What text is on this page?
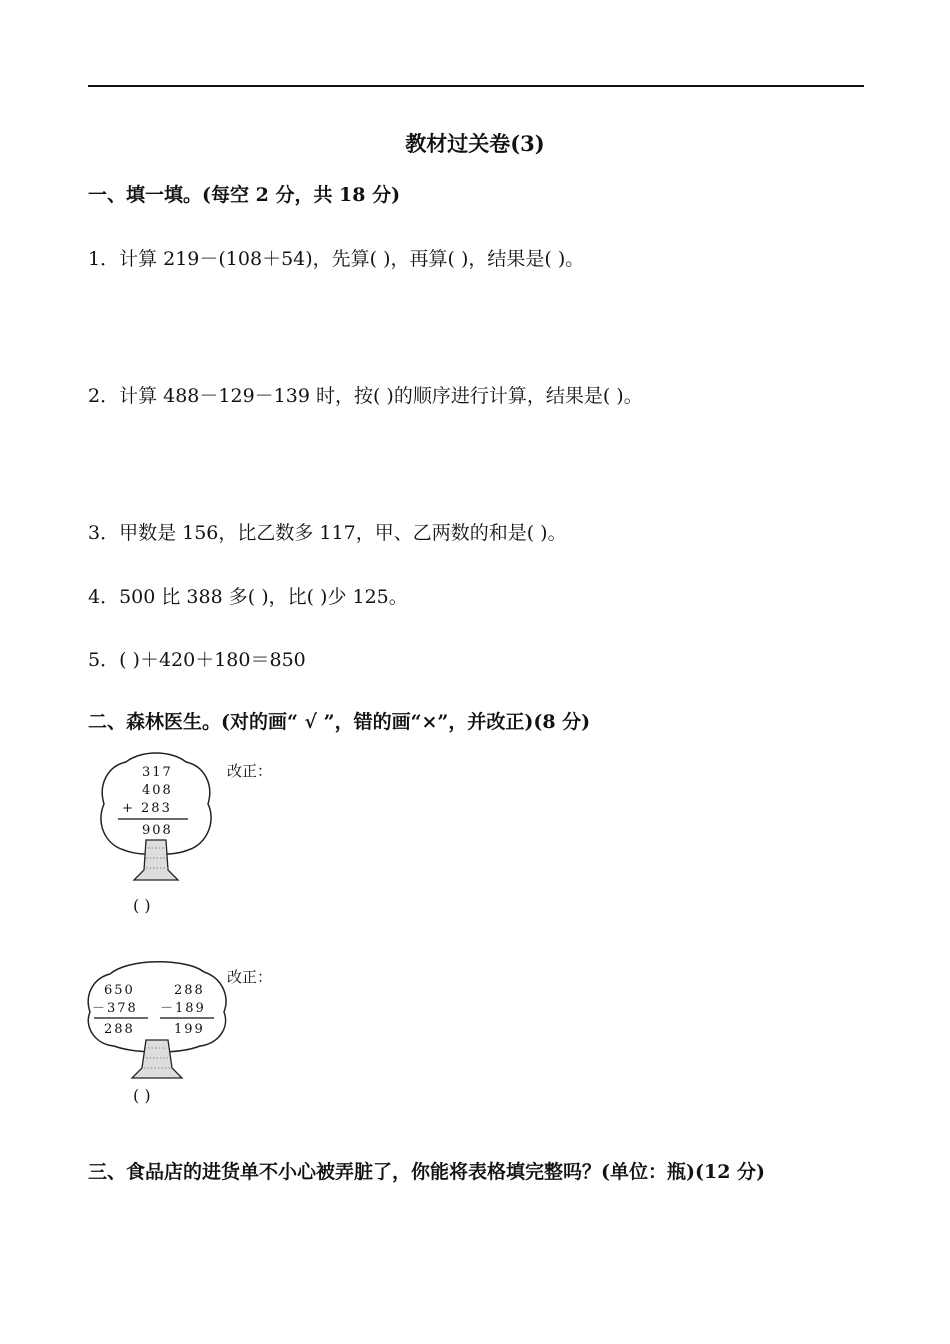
教材过关卷(3)
一、填一填。(每空 2 分，共 18 分)
1．计算 219－(108＋54)，先算( )，再算( )，结果是( )。
2．计算 488－129－139 时，按( )的顺序进行计算，结果是( )。
3．甲数是 156，比乙数多 117，甲、乙两数的和是( )。
4．500 比 388 多( )，比( )少 125。
5．( )＋420＋180＝850
二、森林医生。(对的画“ √ ”，错的画“×”，并改正)(8 分)
317
408
+ 283
908
改正：
( )
650
－378
288
288
－189
199
改正：
( )
三、食品店的进货单不小心被弄脏了，你能将表格填完整吗？(单位：瓶)(12 分)
